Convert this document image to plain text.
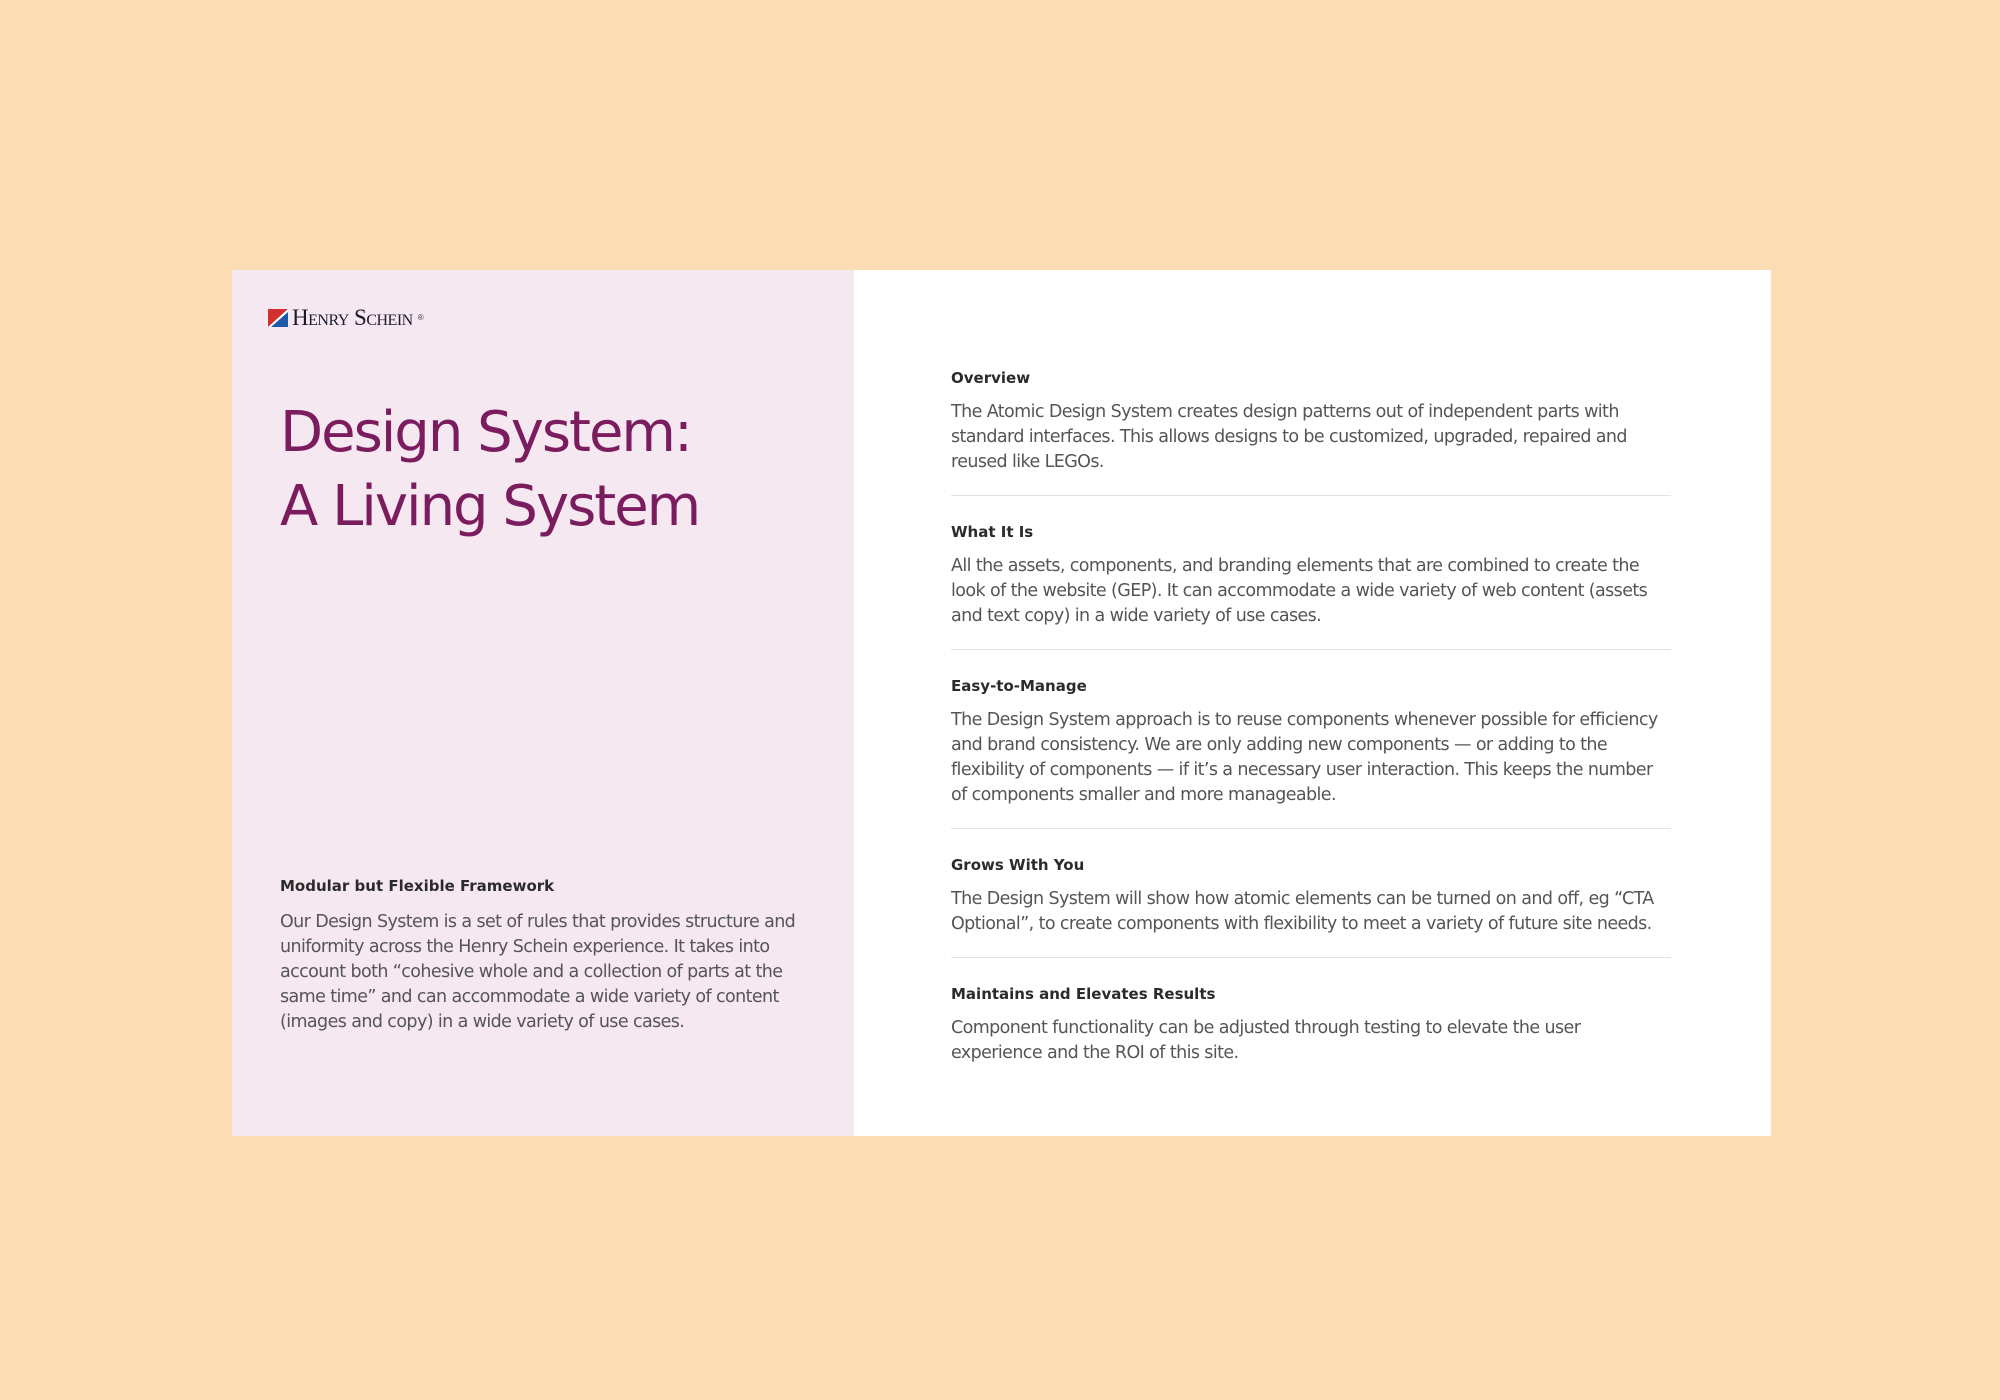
Henry Schein ®
Design System:
A Living System
Modular but Flexible Framework

Our Design System is a set of rules that provides structure and uniformity across the Henry Schein experience. It takes into account both “cohesive whole and a collection of parts at the same time” and can accommodate a wide variety of content (images and copy) in a wide variety of use cases.

Overview

The Atomic Design System creates design patterns out of independent parts with standard interfaces. This allows designs to be customized, upgraded, repaired and reused like LEGOs.

What It Is

All the assets, components, and branding elements that are combined to create the look of the website (GEP). It can accommodate a wide variety of web content (assets and text copy) in a wide variety of use cases.

Easy-to-Manage

The Design System approach is to reuse components whenever possible for efficiency and brand consistency. We are only adding new components — or adding to the flexibility of components — if it’s a necessary user interaction. This keeps the number of components smaller and more manageable.

Grows With You

The Design System will show how atomic elements can be turned on and off, eg “CTA Optional”, to create components with flexibility to meet a variety of future site needs.

Maintains and Elevates Results

Component functionality can be adjusted through testing to elevate the user experience and the ROI of this site.
